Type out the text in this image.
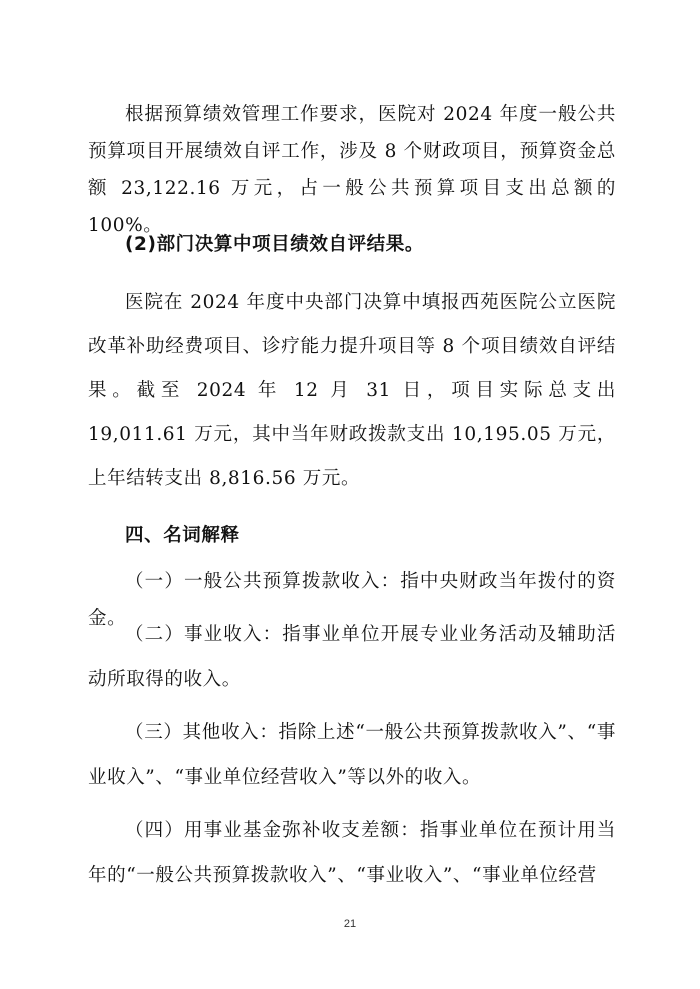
根据预算绩效管理工作要求，医院对 2024 年度一般公共预算项目开展绩效自评工作，涉及 8 个财政项目，预算资金总额 23,122.16 万元，占一般公共预算项目支出总额的 100%。

(2)部门决算中项目绩效自评结果。

医院在 2024 年度中央部门决算中填报西苑医院公立医院改革补助经费项目、诊疗能力提升项目等 8 个项目绩效自评结果。截至 2024 年 12 月 31 日，项目实际总支出 19,011.61 万元，其中当年财政拨款支出 10,195.05 万元，上年结转支出 8,816.56 万元。

四、名词解释

（一）一般公共预算拨款收入：指中央财政当年拨付的资金。

（二）事业收入：指事业单位开展专业业务活动及辅助活动所取得的收入。

（三）其他收入：指除上述“一般公共预算拨款收入”、“事业收入”、“事业单位经营收入”等以外的收入。

（四）用事业基金弥补收支差额：指事业单位在预计用当年的“一般公共预算拨款收入”、“事业收入”、“事业单位经营

21
